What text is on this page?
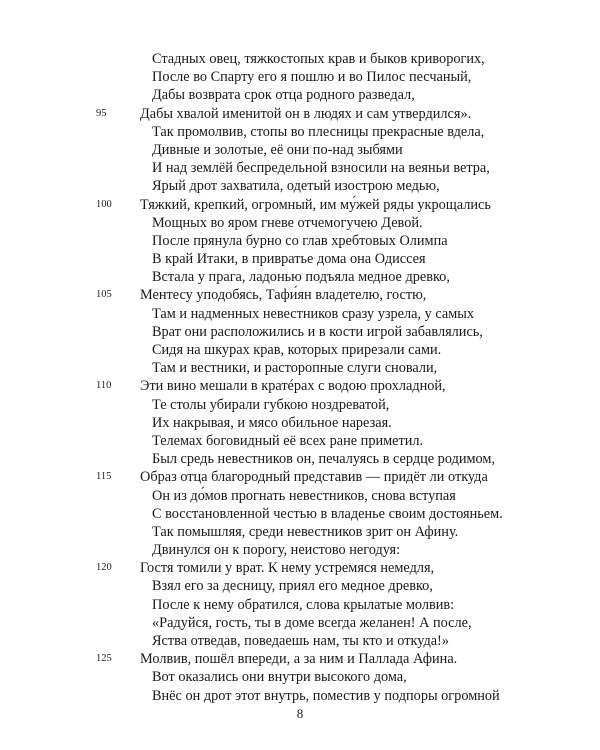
Стадных овец, тяжкостопых крав и быков криворогих,
После во Спарту его я пошлю и во Пилос песчаный,
Дабы возврата срок отца родного разведал,
95	Дабы хвалой именитой он в людях и сам утвердился».
Так промолвив, стопы во плесницы прекрасные вдела,
Дивные и золотые, её они по-над зыбями
И над землёй беспредельной взносили на веяньи ветра,
Ярый дрот захватила, одетый изострою медью,
100	Тяжкий, крепкий, огромный, им му́жей ряды укрощались
Мощных во яром гневе отчемогучею Девой.
После прянула бурно со глав хребтовых Олимпа
В край Итаки, в привратье дома она Одиссея
Встала у прага, ладонью подъяла медное древко,
105	Ментесу уподобясь, Тафи́ян владетелю, гостю,
Там и надменных невестников сразу узрела, у самых
Врат они расположились и в кости игрой забавлялись,
Сидя на шкурах крав, которых прирезали сами.
Там и вестники, и расторопные слуги сновали,
110	Эти вино мешали в кратéрах с водою прохладной,
Те столы убирали губкою ноздреватой,
Их накрывая, и мясо обильное нарезая.
Телемах боговидный её всех ране приметил.
Был средь невестников он, печалуясь в сердце родимом,
115	Образ отца благородный представив — придёт ли откуда
Он из до́мов прогнать невестников, снова вступая
С восстановленной честью в владенье своим достояньем.
Так помышляя, среди невестников зрит он Афину.
Двинулся он к порогу, неистово негодуя:
120	Гостя томили у врат. К нему устремяся немедля,
Взял его за десницу, приял его медное древко,
После к нему обратился, слова крылатые молвив:
«Радуйся, гость, ты в доме всегда желанен! А после,
Яства отведав, поведаешь нам, ты кто и откуда!»
125	Молвив, пошёл впереди, а за ним и Паллада Афина.
Вот оказались они внутри высокого дома,
Внёс он дрот этот внутрь, поместив у подпоры огромной
8
